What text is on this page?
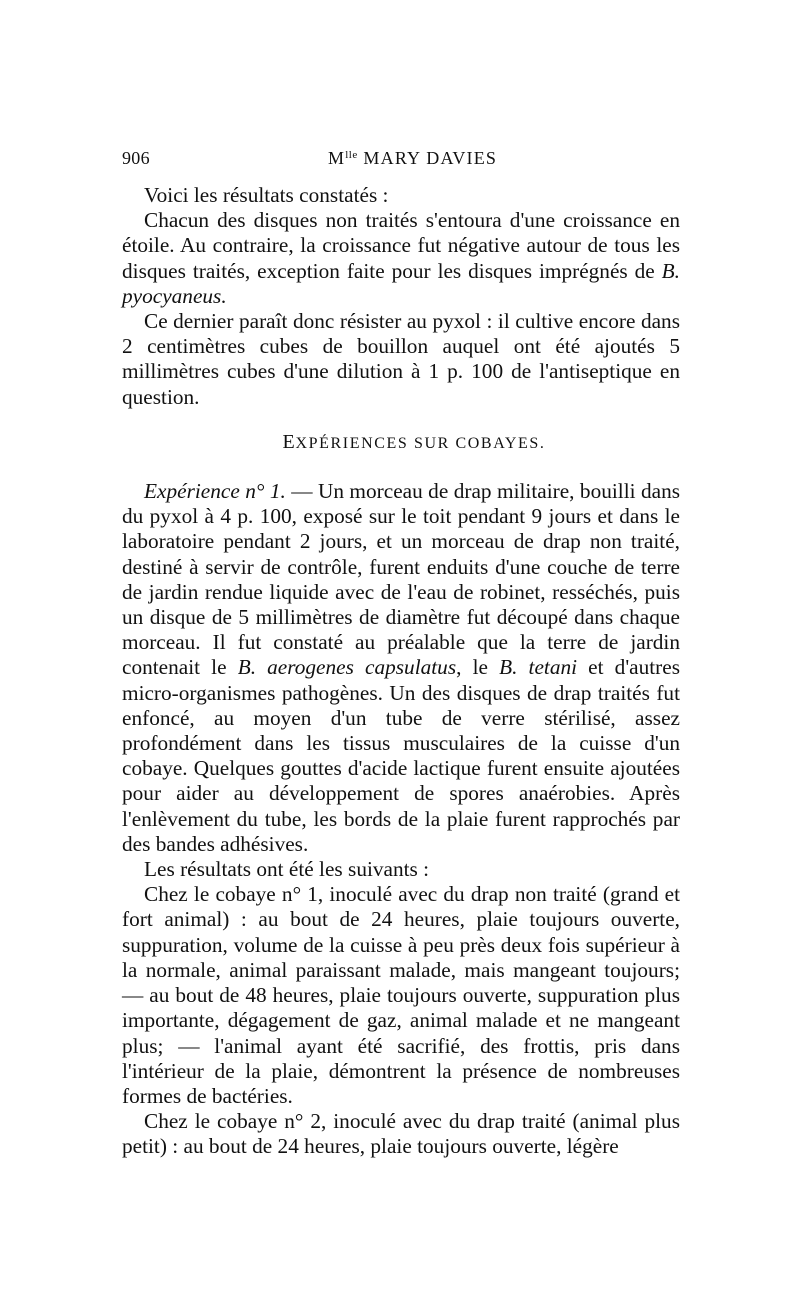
906	$M^{lle}$ MARY DAVIES

Voici les résultats constatés :

Chacun des disques non traités s'entoura d'une croissance en étoile. Au contraire, la croissance fut négative autour de tous les disques traités, exception faite pour les disques imprégnés de B. pyocyaneus.

Ce dernier paraît donc résister au pyxol : il cultive encore dans 2 centimètres cubes de bouillon auquel ont été ajoutés 5 millimètres cubes d'une dilution à 1 p. 100 de l'antiseptique en question.

EXPÉRIENCES SUR COBAYES.

Expérience n° 1. — Un morceau de drap militaire, bouilli dans du pyxol à 4 p. 100, exposé sur le toit pendant 9 jours et dans le laboratoire pendant 2 jours, et un morceau de drap non traité, destiné à servir de contrôle, furent enduits d'une couche de terre de jardin rendue liquide avec de l'eau de robinet, resséchés, puis un disque de 5 millimètres de diamètre fut découpé dans chaque morceau. Il fut constaté au préalable que la terre de jardin contenait le B. aerogenes capsulatus, le B. tetani et d'autres micro-organismes pathogènes. Un des disques de drap traités fut enfoncé, au moyen d'un tube de verre stérilisé, assez profondément dans les tissus musculaires de la cuisse d'un cobaye. Quelques gouttes d'acide lactique furent ensuite ajoutées pour aider au développement de spores anaérobies. Après l'enlèvement du tube, les bords de la plaie furent rapprochés par des bandes adhésives.

Les résultats ont été les suivants :

Chez le cobaye n° 1, inoculé avec du drap non traité (grand et fort animal) : au bout de 24 heures, plaie toujours ouverte, suppuration, volume de la cuisse à peu près deux fois supérieur à la normale, animal paraissant malade, mais mangeant toujours; — au bout de 48 heures, plaie toujours ouverte, suppuration plus importante, dégagement de gaz, animal malade et ne mangeant plus; — l'animal ayant été sacrifié, des frottis, pris dans l'intérieur de la plaie, démontrent la présence de nombreuses formes de bactéries.

Chez le cobaye n° 2, inoculé avec du drap traité (animal plus petit) : au bout de 24 heures, plaie toujours ouverte, légère
